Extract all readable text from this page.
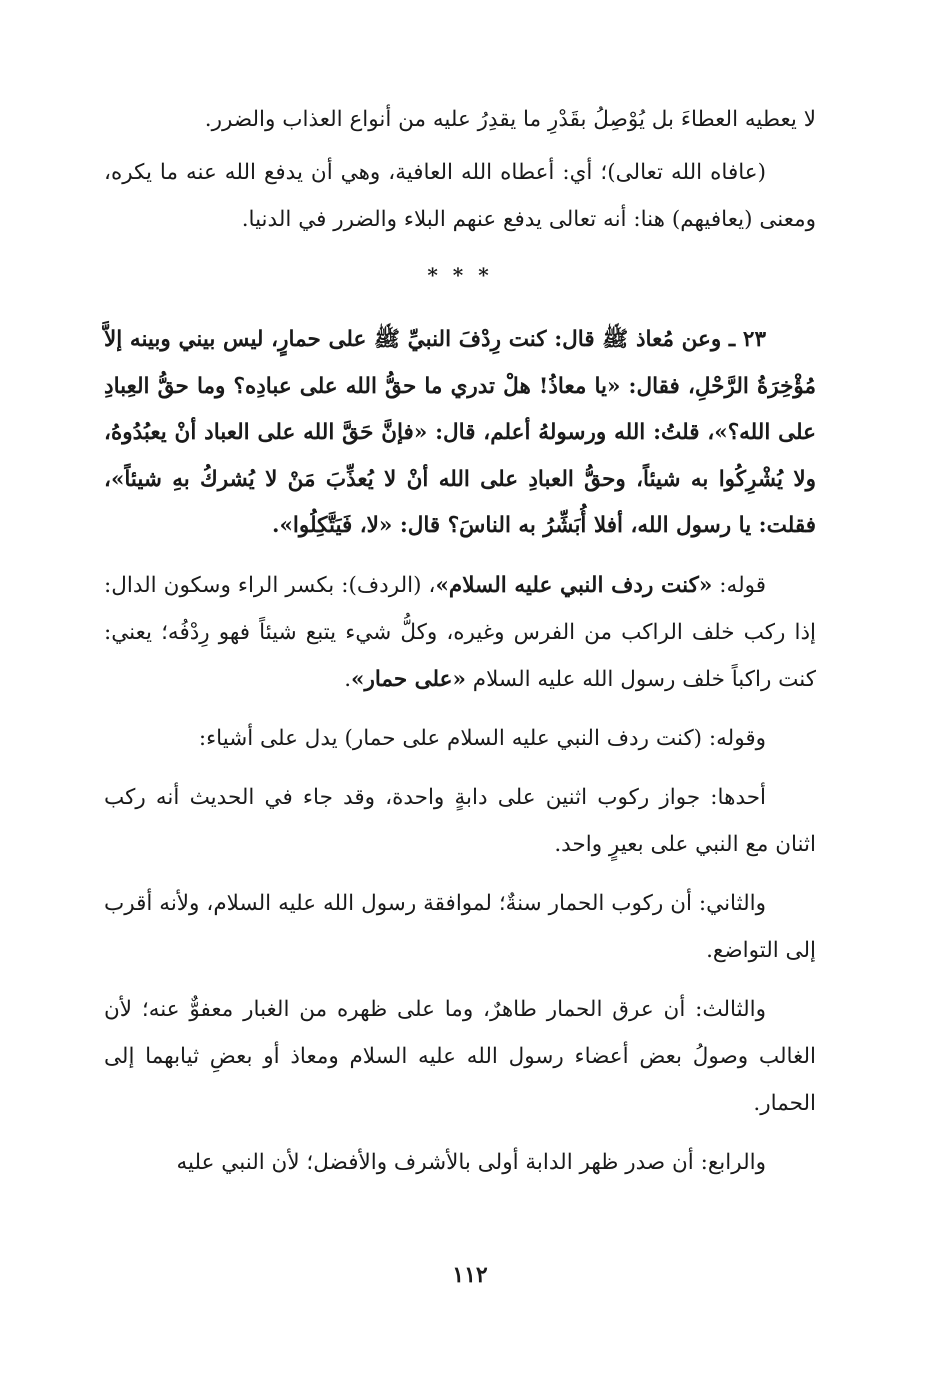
لا يعطيه العطاءَ بل يُوْصِلُ بقَدْرِ ما يقدِرُ عليه من أنواع العذاب والضرر.

(عافاه الله تعالى)؛ أي: أعطاه الله العافية، وهي أن يدفع الله عنه ما يكره، ومعنى (يعافيهم) هنا: أنه تعالى يدفع عنهم البلاء والضرر في الدنيا.

* * *

٢٣ ـ وعن مُعاذ ﷺ قال: كنت رِدْفَ النبيِّ ﷺ على حمارٍ، ليس بيني وبينه إلاَّ مُؤْخِرَةُ الرَّحْلِ، فقال: «يا معاذُ! هلْ تدري ما حقُّ الله على عبادِه؟ وما حقُّ العِبادِ على الله؟»، قلتُ: الله ورسولهُ أعلم، قال: «فإنَّ حَقَّ الله على العباد أنْ يعبُدُوهُ، ولا يُشْرِكُوا به شيئاً، وحقُّ العبادِ على الله أنْ لا يُعذِّبَ مَنْ لا يُشركُ بهِ شيئاً»، فقلت: يا رسول الله، أفلا أُبَشِّرُ به الناسَ؟ قال: «لا، فَيَتَّكِلُوا».

قوله: «كنت ردف النبي عليه السلام»، (الردف): بكسر الراء وسكون الدال: إذا ركب خلف الراكب من الفرس وغيره، وكلُّ شيء يتبع شيئاً فهو رِدْفُه؛ يعني: كنت راكباً خلف رسول الله عليه السلام «على حمار».

وقوله: (كنت ردف النبي عليه السلام على حمار) يدل على أشياء:

أحدها: جواز ركوب اثنين على دابةٍ واحدة، وقد جاء في الحديث أنه ركب اثنان مع النبي على بعيرٍ واحد.

والثاني: أن ركوب الحمار سنةٌ؛ لموافقة رسول الله عليه السلام، ولأنه أقرب إلى التواضع.

والثالث: أن عرق الحمار طاهرٌ، وما على ظهره من الغبار معفوٌّ عنه؛ لأن الغالب وصولُ بعض أعضاء رسول الله عليه السلام ومعاذ أو بعضِ ثيابهما إلى الحمار.

والرابع: أن صدر ظهر الدابة أولى بالأشرف والأفضل؛ لأن النبي عليه

١١٢
